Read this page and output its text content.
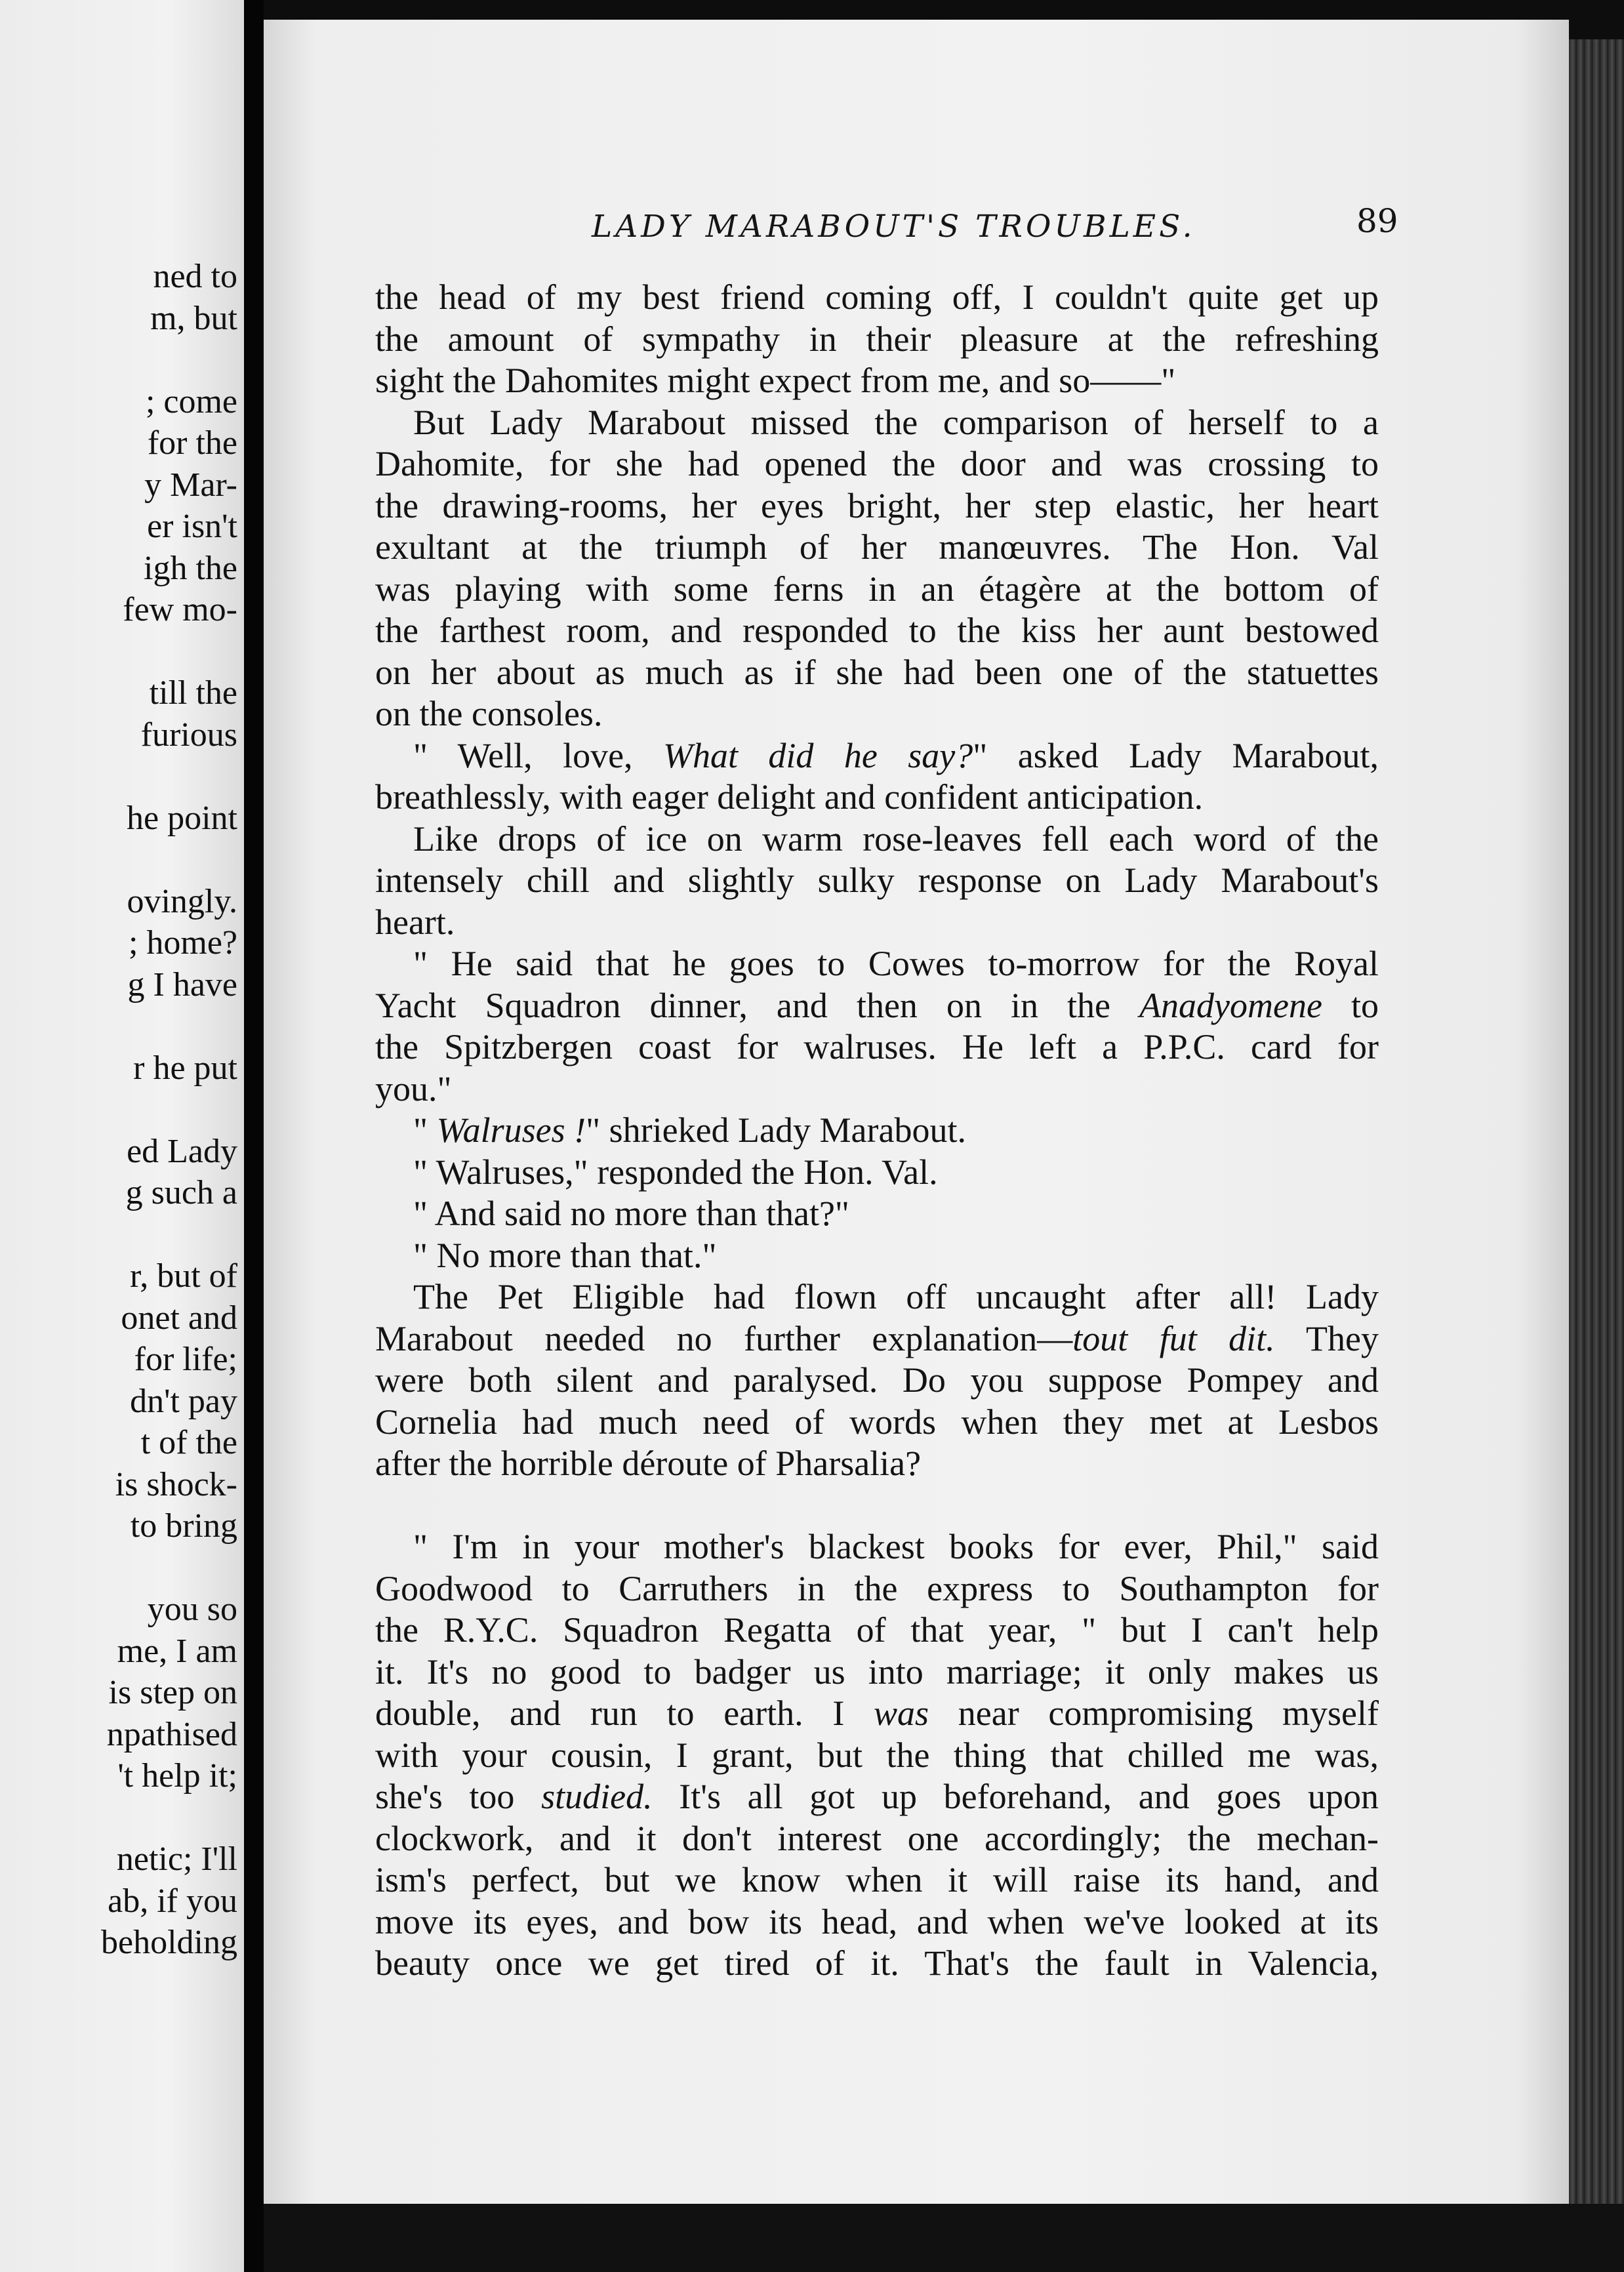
ned to
m, but
; come
for the
y Mar-
er isn't
igh the
few mo-
till the
furious
he point
ovingly.
; home?
g I have
r he put
ed Lady
g such a
r, but of
onet and
for life;
dn't pay
t of the
is shock-
to bring
you so
me, I am
is step on
npathised
't help it;
netic; I'll
ab, if you
beholding
LADY MARABOUT'S TROUBLES.	89
the head of my best friend coming off, I couldn't quite get up
the amount of sympathy in their pleasure at the refreshing
sight the Dahomites might expect from me, and so——"
But Lady Marabout missed the comparison of herself to a
Dahomite, for she had opened the door and was crossing to
the drawing-rooms, her eyes bright, her step elastic, her heart
exultant at the triumph of her manœuvres. The Hon. Val
was playing with some ferns in an étagère at the bottom of
the farthest room, and responded to the kiss her aunt bestowed
on her about as much as if she had been one of the statuettes
on the consoles.
" Well, love, What did he say?" asked Lady Marabout,
breathlessly, with eager delight and confident anticipation.
Like drops of ice on warm rose-leaves fell each word of the
intensely chill and slightly sulky response on Lady Marabout's
heart.
" He said that he goes to Cowes to-morrow for the Royal
Yacht Squadron dinner, and then on in the Anadyomene to
the Spitzbergen coast for walruses. He left a P.P.C. card for
you."
" Walruses !" shrieked Lady Marabout.
" Walruses," responded the Hon. Val.
" And said no more than that?"
" No more than that."
The Pet Eligible had flown off uncaught after all! Lady
Marabout needed no further explanation—tout fut dit. They
were both silent and paralysed. Do you suppose Pompey and
Cornelia had much need of words when they met at Lesbos
after the horrible déroute of Pharsalia?
" I'm in your mother's blackest books for ever, Phil," said
Goodwood to Carruthers in the express to Southampton for
the R.Y.C. Squadron Regatta of that year, " but I can't help
it. It's no good to badger us into marriage; it only makes us
double, and run to earth. I was near compromising myself
with your cousin, I grant, but the thing that chilled me was,
she's too studied. It's all got up beforehand, and goes upon
clockwork, and it don't interest one accordingly; the mechan-
ism's perfect, but we know when it will raise its hand, and
move its eyes, and bow its head, and when we've looked at its
beauty once we get tired of it. That's the fault in Valencia,
